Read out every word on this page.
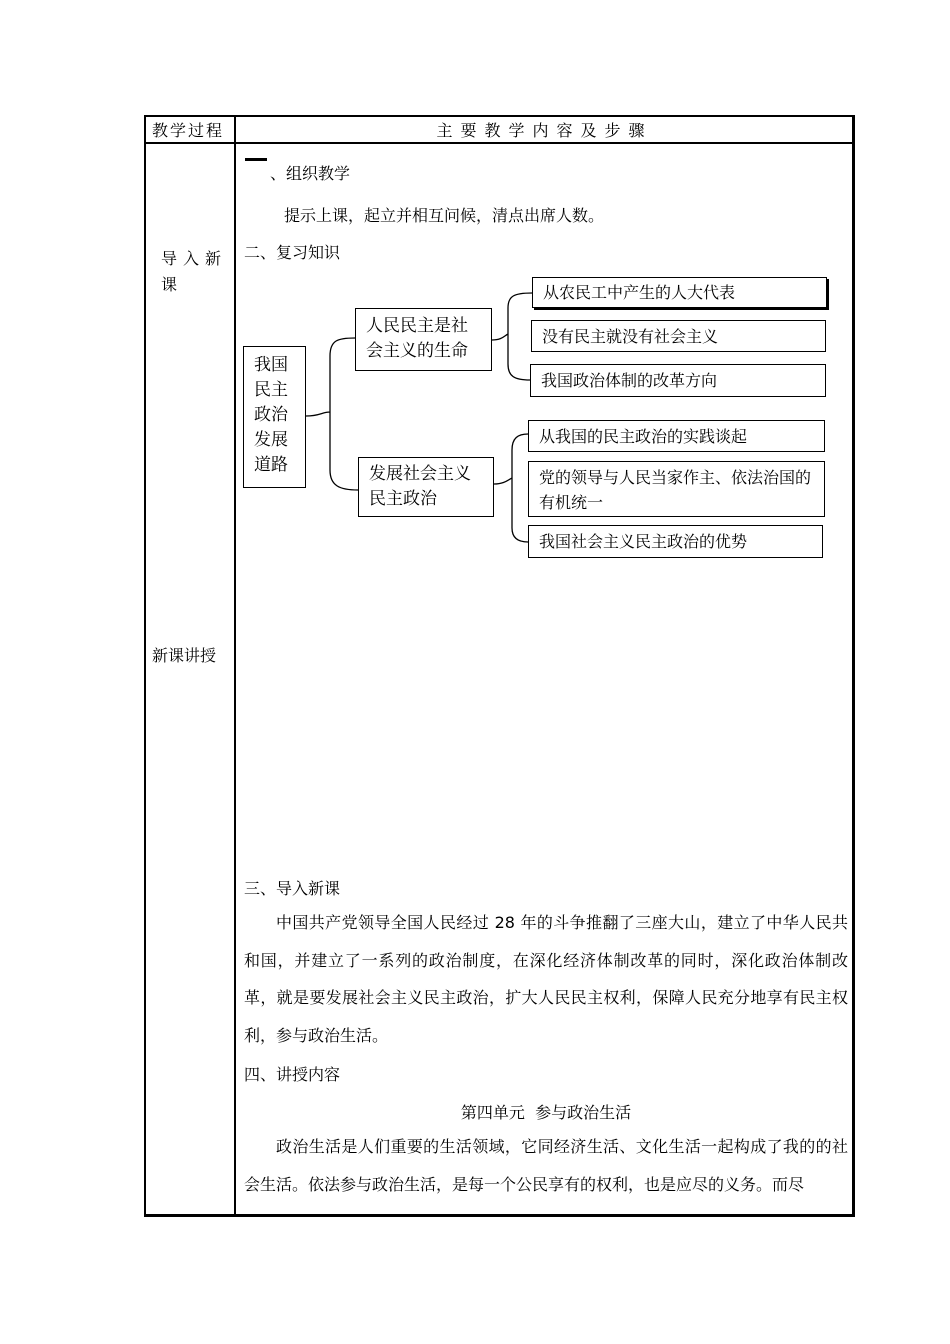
教学过程	主要教学内容及步骤
导入新课
新课讲授
、组织教学
提示上课，起立并相互问候，清点出席人数。
二、复习知识
我国民主政治发展道路
人民民主是社会主义的生命
发展社会主义民主政治
从农民工中产生的人大代表
没有民主就没有社会主义
我国政治体制的改革方向
从我国的民主政治的实践谈起
党的领导与人民当家作主、依法治国的有机统一
我国社会主义民主政治的优势
三、导入新课
中国共产党领导全国人民经过 28 年的斗争推翻了三座大山，建立了中华人民共和国，并建立了一系列的政治制度，在深化经济体制改革的同时，深化政治体制改革，就是要发展社会主义民主政治，扩大人民民主权利，保障人民充分地享有民主权利，参与政治生活。
四、讲授内容
第四单元  参与政治生活
政治生活是人们重要的生活领域，它同经济生活、文化生活一起构成了我的的社会生活。依法参与政治生活，是每一个公民享有的权利，也是应尽的义务。而尽
